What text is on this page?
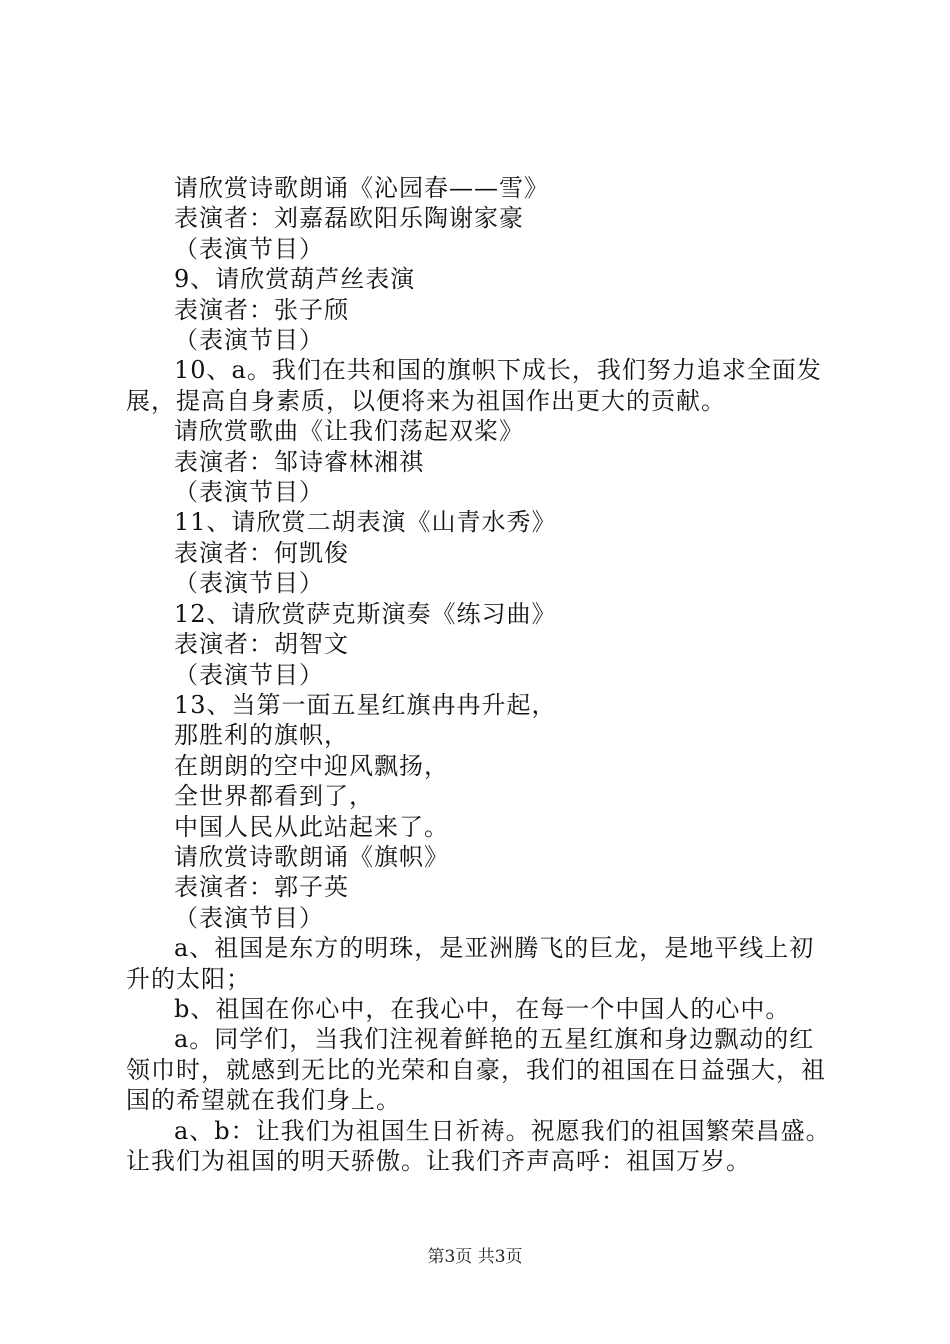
请欣赏诗歌朗诵《沁园春——雪》

表演者：刘嘉磊欧阳乐陶谢家豪

（表演节目）

9、请欣赏葫芦丝表演

表演者：张子颀

（表演节目）

10、a。我们在共和国的旗帜下成长，我们努力追求全面发展，提高自身素质，以便将来为祖国作出更大的贡献。

请欣赏歌曲《让我们荡起双桨》

表演者：邹诗睿林湘祺

（表演节目）

11、请欣赏二胡表演《山青水秀》

表演者：何凯俊

（表演节目）

12、请欣赏萨克斯演奏《练习曲》

表演者：胡智文

（表演节目）

13、当第一面五星红旗冉冉升起，

那胜利的旗帜，

在朗朗的空中迎风飘扬，

全世界都看到了，

中国人民从此站起来了。

请欣赏诗歌朗诵《旗帜》

表演者：郭子英

（表演节目）

a、祖国是东方的明珠，是亚洲腾飞的巨龙，是地平线上初升的太阳；

b、祖国在你心中，在我心中，在每一个中国人的心中。

a。同学们，当我们注视着鲜艳的五星红旗和身边飘动的红领巾时，就感到无比的光荣和自豪，我们的祖国在日益强大，祖国的希望就在我们身上。

a、b：让我们为祖国生日祈祷。祝愿我们的祖国繁荣昌盛。让我们为祖国的明天骄傲。让我们齐声高呼：祖国万岁。

第3页 共3页
